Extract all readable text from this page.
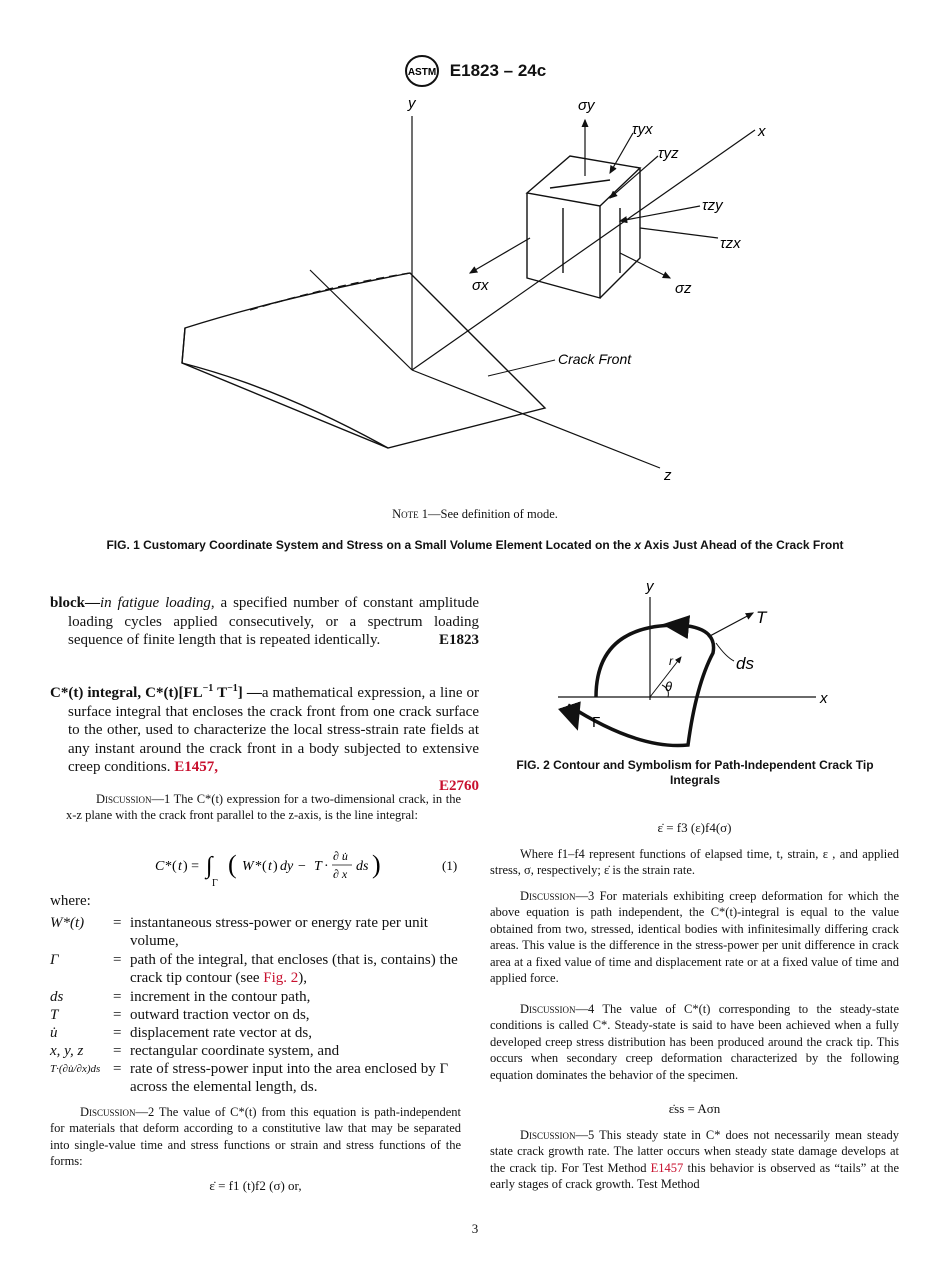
ASTM E1823 – 24c
y
x
z
Crack Front
σy
τyx
τyz
τzy
τzx
σx	σz
Note 1—See definition of mode.
FIG. 1 Customary Coordinate System and Stress on a Small Volume Element Located on the x Axis Just Ahead of the Crack Front
block—in fatigue loading, a specified number of constant amplitude loading cycles applied consecutively, or a spectrum loading sequence of finite length that is repeated identically.	E1823
C*(t) integral, $C*(t)[FL^{-1}$ $T^{-1}$] —a mathematical expression, a line or surface integral that encloses the crack front from one crack surface to the other, used to characterize the local stress-strain rate fields at any instant around the crack front in a body subjected to extensive creep conditions. E1457,
E2760
Discussion—1 The C*(t) expression for a two-dimensional crack, in the x-z plane with the crack front parallel to the z-axis, is the line integral:
C *( t ) = ∫
Γ
( W *( t ) dy − T ·
∂ u̇
∂ x ds )	(1)
where:
W*(t)	= instantaneous stress-power or energy rate per unit volume,
Γ	= path of the integral, that encloses (that is, contains) the crack tip contour (see Fig. 2),
ds	= increment in the contour path,
T	= outward traction vector on ds,
u̇	= displacement rate vector at ds,
x, y, z	= rectangular coordinate system, and
T·(∂u̇/∂x)ds = rate of stress-power input into the area enclosed by Γ across the elemental length, ds.
Discussion—2 The value of C*(t) from this equation is path-independent for materials that deform according to a constitutive law that may be separated into single-value time and stress functions or strain and stress functions of the forms:
ε̇ = f1 (t)f2 (σ) or,
y
x
T
ds
r
θ
Γ
FIG. 2 Contour and Symbolism for Path-Independent Crack Tip Integrals
ε̇ = f3 (ε)f4(σ)
Where f1–f4 represent functions of elapsed time, t, strain, ε , and applied stress, σ, respectively; ε̇ is the strain rate.
Discussion—3 For materials exhibiting creep deformation for which the above equation is path independent, the C*(t)-integral is equal to the value obtained from two, stressed, identical bodies with infinitesimally differing crack areas. This value is the difference in the stress-power per unit difference in crack area at a fixed value of time and displacement rate or at a fixed value of time and applied force.
Discussion—4 The value of C*(t) corresponding to the steady-state conditions is called C*. Steady-state is said to have been achieved when a fully developed creep stress distribution has been produced around the crack tip. This occurs when secondary creep deformation characterized by the following equation dominates the behavior of the specimen.
ε̇ss = Aσn
Discussion—5 This steady state in C* does not necessarily mean steady state crack growth rate. The latter occurs when steady state damage develops at the crack tip. For Test Method E1457 this behavior is observed as “tails” at the early stages of crack growth. Test Method
3
